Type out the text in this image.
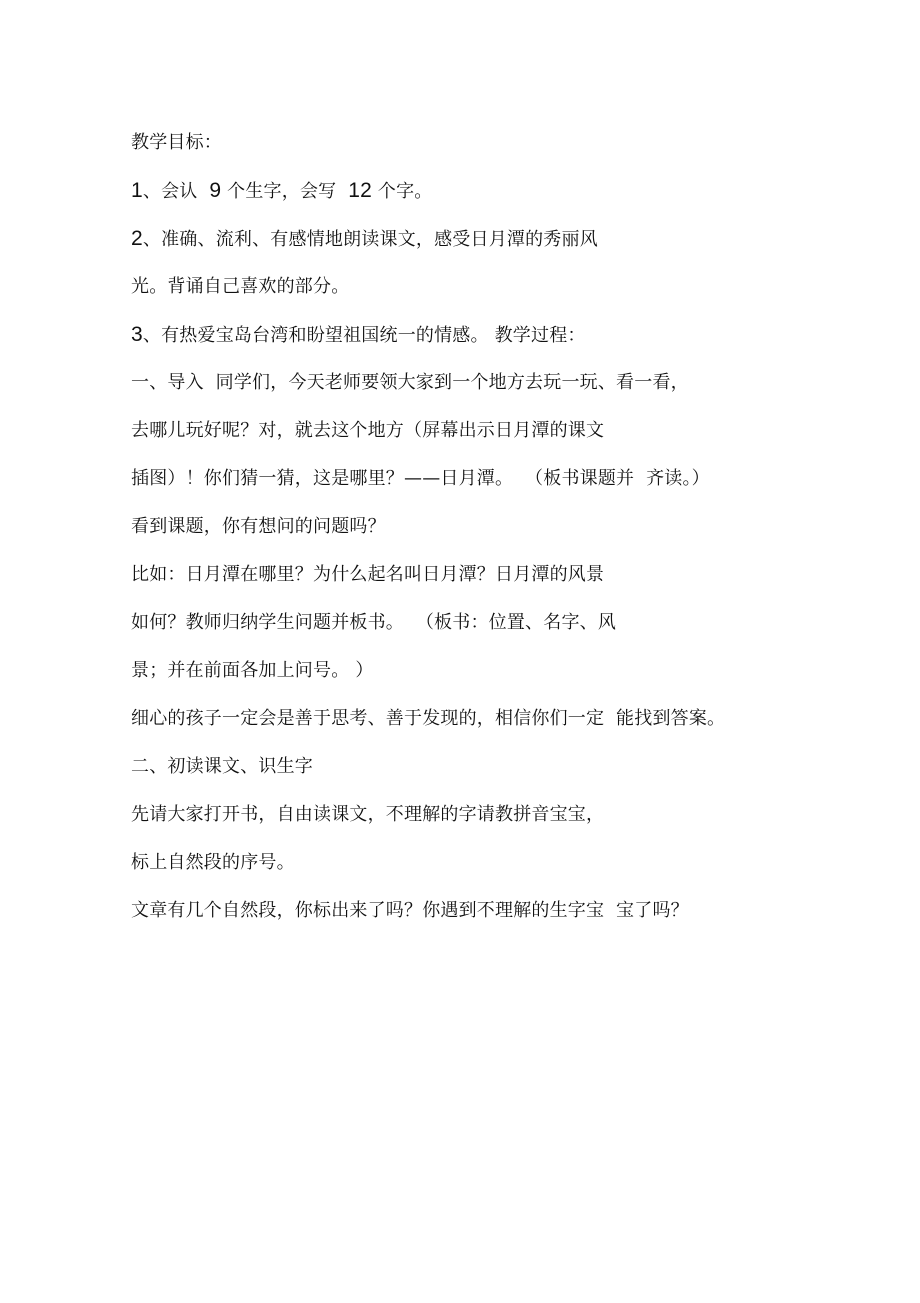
教学目标：
1、会认  9 个生字，会写  12 个字。
2、准确、流利、有感情地朗读课文，感受日月潭的秀丽风
光。背诵自己喜欢的部分。
3、有热爱宝岛台湾和盼望祖国统一的情感。 教学过程：
一、导入  同学们，今天老师要领大家到一个地方去玩一玩、看一看，
去哪儿玩好呢？对，就去这个地方（屏幕出示日月潭的课文
插图）！你们猜一猜，这是哪里？——日月潭。  （板书课题并  齐读。）
看到课题，你有想问的问题吗？
比如：日月潭在哪里？为什么起名叫日月潭？日月潭的风景
如何？教师归纳学生问题并板书。  （板书：位置、名字、风
景；并在前面各加上问号。 ）
细心的孩子一定会是善于思考、善于发现的，相信你们一定  能找到答案。
二、初读课文、识生字
先请大家打开书，自由读课文，不理解的字请教拼音宝宝，
标上自然段的序号。
文章有几个自然段，你标出来了吗？你遇到不理解的生字宝  宝了吗？
